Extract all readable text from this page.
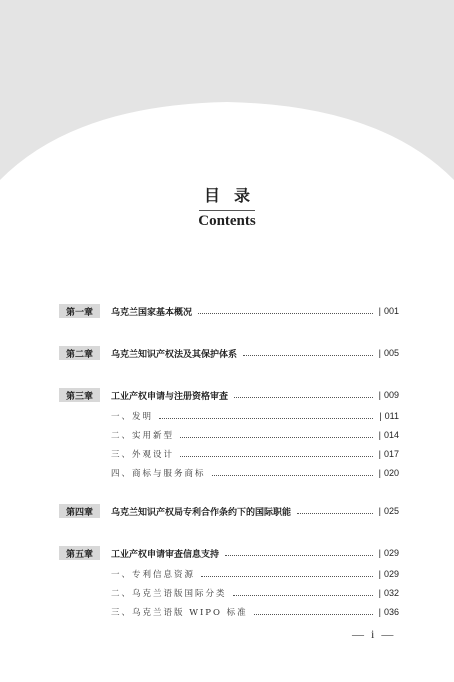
目录
Contents
第一章	乌克兰国家基本概况	| 001
第二章	乌克兰知识产权法及其保护体系	| 005
第三章	工业产权申请与注册资格审查	| 009
一、发明	| 011
二、实用新型	| 014
三、外观设计	| 017
四、商标与服务商标	| 020
第四章	乌克兰知识产权局专利合作条约下的国际职能	| 025
第五章	工业产权申请审查信息支持	| 029
一、专利信息资源	| 029
二、乌克兰语版国际分类	| 032
三、乌克兰语版 WIPO 标准	| 036
— i —
